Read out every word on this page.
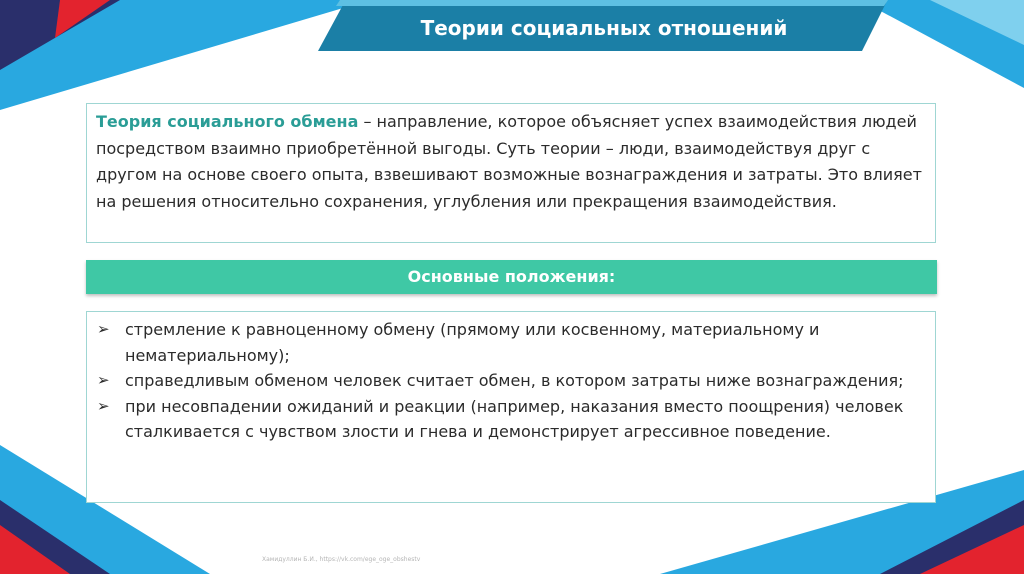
Теории социальных отношений
Теория социального обмена – направление, которое объясняет успех взаимодействия людей посредством взаимно приобретённой выгоды. Суть теории – люди, взаимодействуя друг с другом на основе своего опыта, взвешивают возможные вознаграждения и затраты. Это влияет на решения относительно сохранения, углубления или прекращения взаимодействия.
Основные положения:
➢ стремление к равноценному обмену (прямому или косвенному, материальному и нематериальному);
➢ справедливым обменом человек считает обмен, в котором затраты ниже вознаграждения;
➢ при несовпадении ожиданий и реакции (например, наказания вместо поощрения) человек сталкивается с чувством злости и гнева и демонстрирует агрессивное поведение.
Хамидуллин Б.И., https://vk.com/ege_oge_obshestv
